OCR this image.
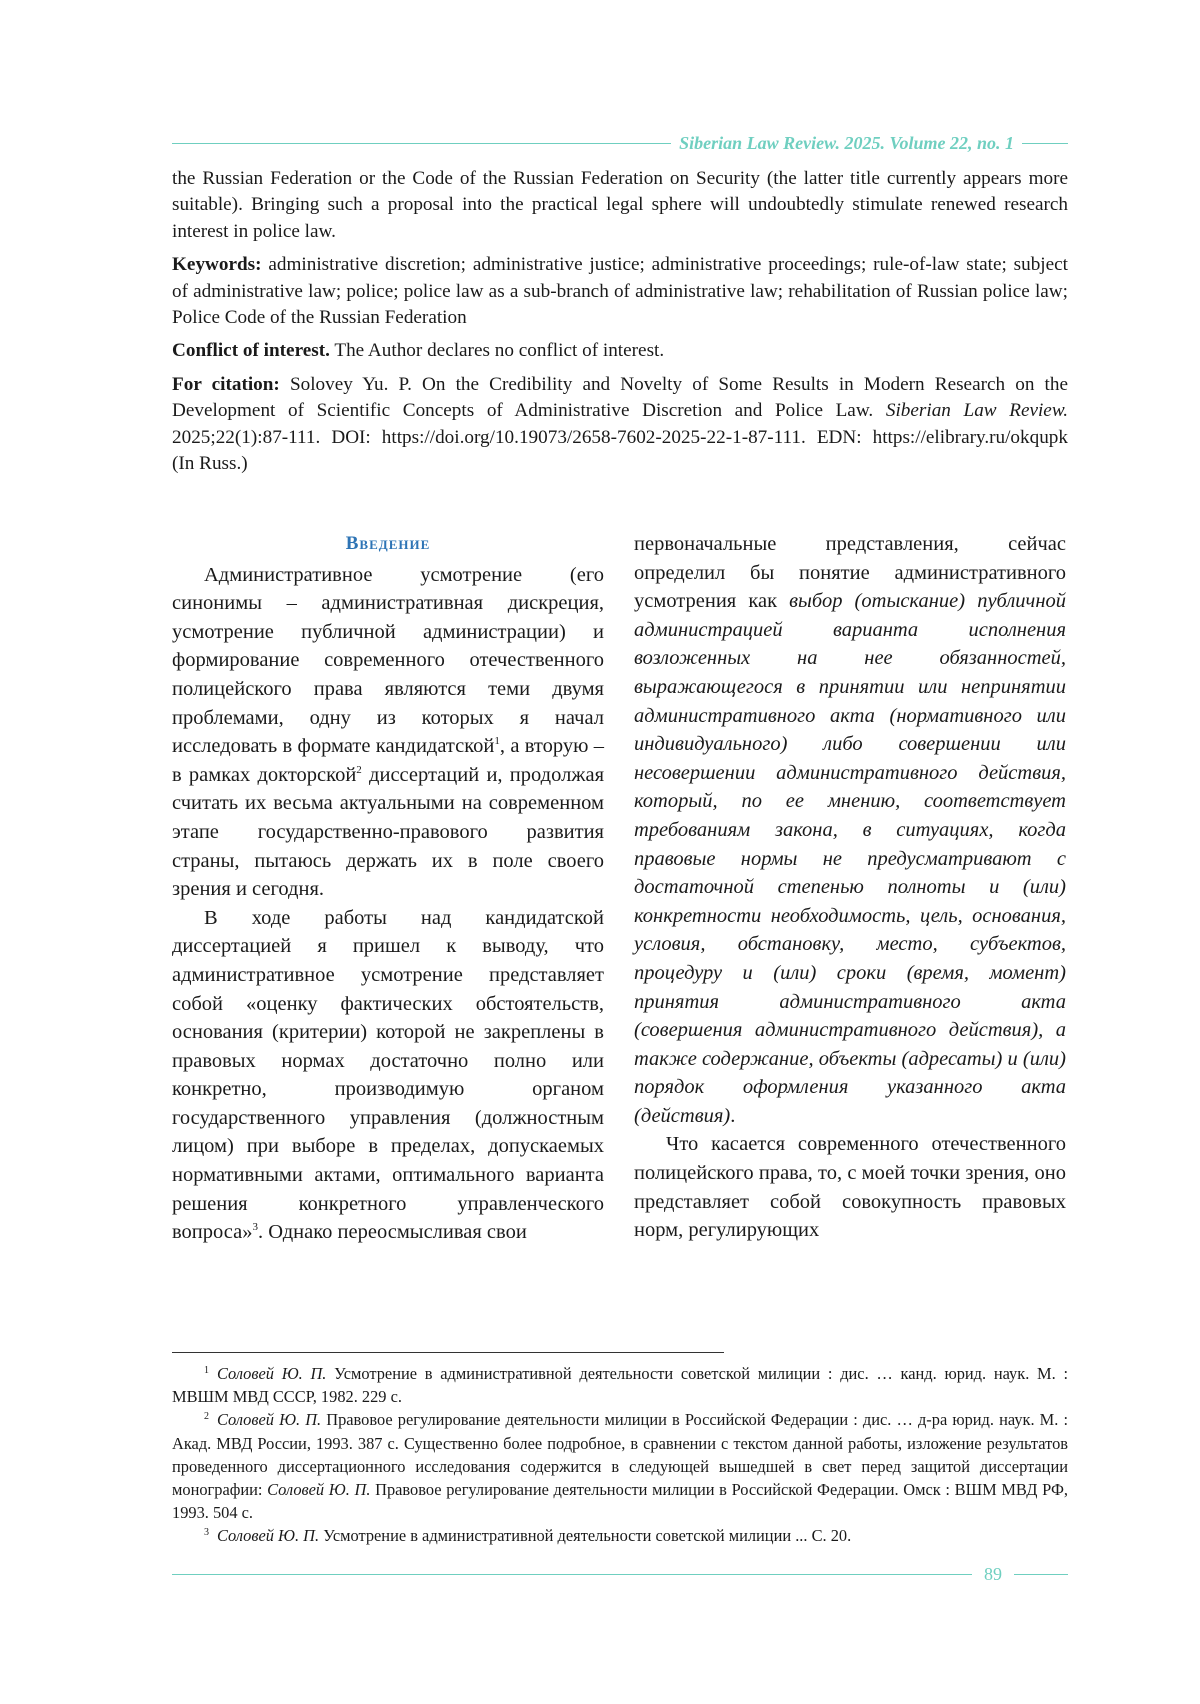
Siberian Law Review. 2025. Volume 22, no. 1

the Russian Federation or the Code of the Russian Federation on Security (the latter title currently appears more suitable). Bringing such a proposal into the practical legal sphere will undoubtedly stimulate renewed research interest in police law.

Keywords: administrative discretion; administrative justice; administrative proceedings; rule-of-law state; subject of administrative law; police; police law as a sub-branch of administrative law; rehabilitation of Russian police law; Police Code of the Russian Federation

Conflict of interest. The Author declares no conflict of interest.

For citation: Solovey Yu. P. On the Credibility and Novelty of Some Results in Modern Research on the Development of Scientific Concepts of Administrative Discretion and Police Law. Siberian Law Review. 2025;22(1):87-111. DOI: https://doi.org/10.19073/2658-7602-2025-22-1-87-111. EDN: https://elibrary.ru/okqupk (In Russ.)

Введение

Административное усмотрение (его синонимы – административная дискреция, усмотрение публичной администрации) и формирование современного отечественного полицейского права являются теми двумя проблемами, одну из которых я начал исследовать в формате кандидатской$^1$, а вторую – в рамках докторской$^2$ диссертаций и, продолжая считать их весьма актуальными на современном этапе государственно-правового развития страны, пытаюсь держать их в поле своего зрения и сегодня.

В ходе работы над кандидатской диссертацией я пришел к выводу, что административное усмотрение представляет собой «оценку фактических обстоятельств, основания (критерии) которой не закреплены в правовых нормах достаточно полно или конкретно, производимую органом государственного управления (должностным лицом) при выборе в пределах, допускаемых нормативными актами, оптимального варианта решения конкретного управленческого вопроса»$^3$. Однако переосмысливая свои

первоначальные представления, сейчас определил бы понятие административного усмотрения как выбор (отыскание) публичной администрацией варианта исполнения возложенных на нее обязанностей, выражающегося в принятии или непринятии административного акта (нормативного или индивидуального) либо совершении или несовершении административного действия, который, по ее мнению, соответствует требованиям закона, в ситуациях, когда правовые нормы не предусматривают с достаточной степенью полноты и (или) конкретности необходимость, цель, основания, условия, обстановку, место, субъектов, процедуру и (или) сроки (время, момент) принятия административного акта (совершения административного действия), а также содержание, объекты (адресаты) и (или) порядок оформления указанного акта (действия).

Что касается современного отечественного полицейского права, то, с моей точки зрения, оно представляет собой совокупность правовых норм, регулирующих

$^1$ Соловей Ю. П. Усмотрение в административной деятельности советской милиции : дис. … канд. юрид. наук. М. : МВШМ МВД СССР, 1982. 229 с.

$^2$ Соловей Ю. П. Правовое регулирование деятельности милиции в Российской Федерации : дис. … д-ра юрид. наук. М. : Акад. МВД России, 1993. 387 с. Существенно более подробное, в сравнении с текстом данной работы, изложение результатов проведенного диссертационного исследования содержится в следующей вышедшей в свет перед защитой диссертации монографии: Соловей Ю. П. Правовое регулирование деятельности милиции в Российской Федерации. Омск : ВШМ МВД РФ, 1993. 504 с.

$^3$ Соловей Ю. П. Усмотрение в административной деятельности советской милиции ... С. 20.

89
